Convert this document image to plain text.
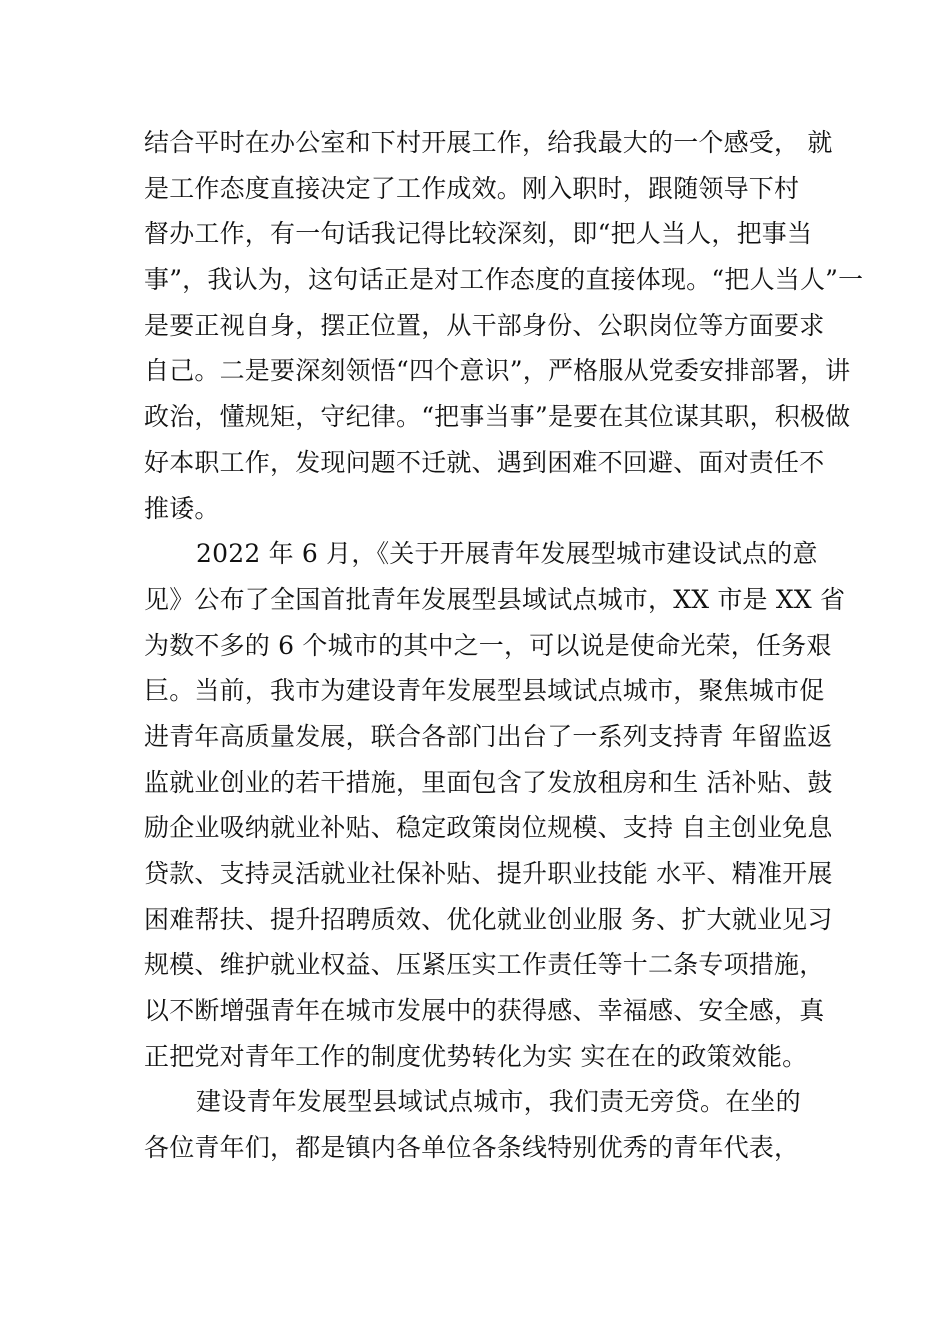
结合平时在办公室和下村开展工作，给我最大的一个感受， 就
是工作态度直接决定了工作成效。刚入职时，跟随领导下村
督办工作，有一句话我记得比较深刻，即“把人当人，把事当
事”，我认为，这句话正是对工作态度的直接体现。“把人当人”一
是要正视自身，摆正位置，从干部身份、公职岗位等方面要求
自己。二是要深刻领悟“四个意识”，严格服从党委安排部署，讲
政治，懂规矩，守纪律。“把事当事”是要在其位谋其职，积极做
好本职工作，发现问题不迁就、遇到困难不回避、面对责任不
推诿。
2022 年 6 月，《关于开展青年发展型城市建设试点的意
见》公布了全国首批青年发展型县域试点城市，XX 市是 XX 省
为数不多的 6 个城市的其中之一，可以说是使命光荣，任务艰
巨。当前，我市为建设青年发展型县域试点城市，聚焦城市促
进青年高质量发展，联合各部门出台了一系列支持青 年留监返
监就业创业的若干措施，里面包含了发放租房和生 活补贴、鼓
励企业吸纳就业补贴、稳定政策岗位规模、支持 自主创业免息
贷款、支持灵活就业社保补贴、提升职业技能 水平、精准开展
困难帮扶、提升招聘质效、优化就业创业服 务、扩大就业见习
规模、维护就业权益、压紧压实工作责任等十二条专项措施，
以不断增强青年在城市发展中的获得感、幸福感、安全感，真
正把党对青年工作的制度优势转化为实 实在在的政策效能。
建设青年发展型县域试点城市，我们责无旁贷。在坐的
各位青年们，都是镇内各单位各条线特别优秀的青年代表，
